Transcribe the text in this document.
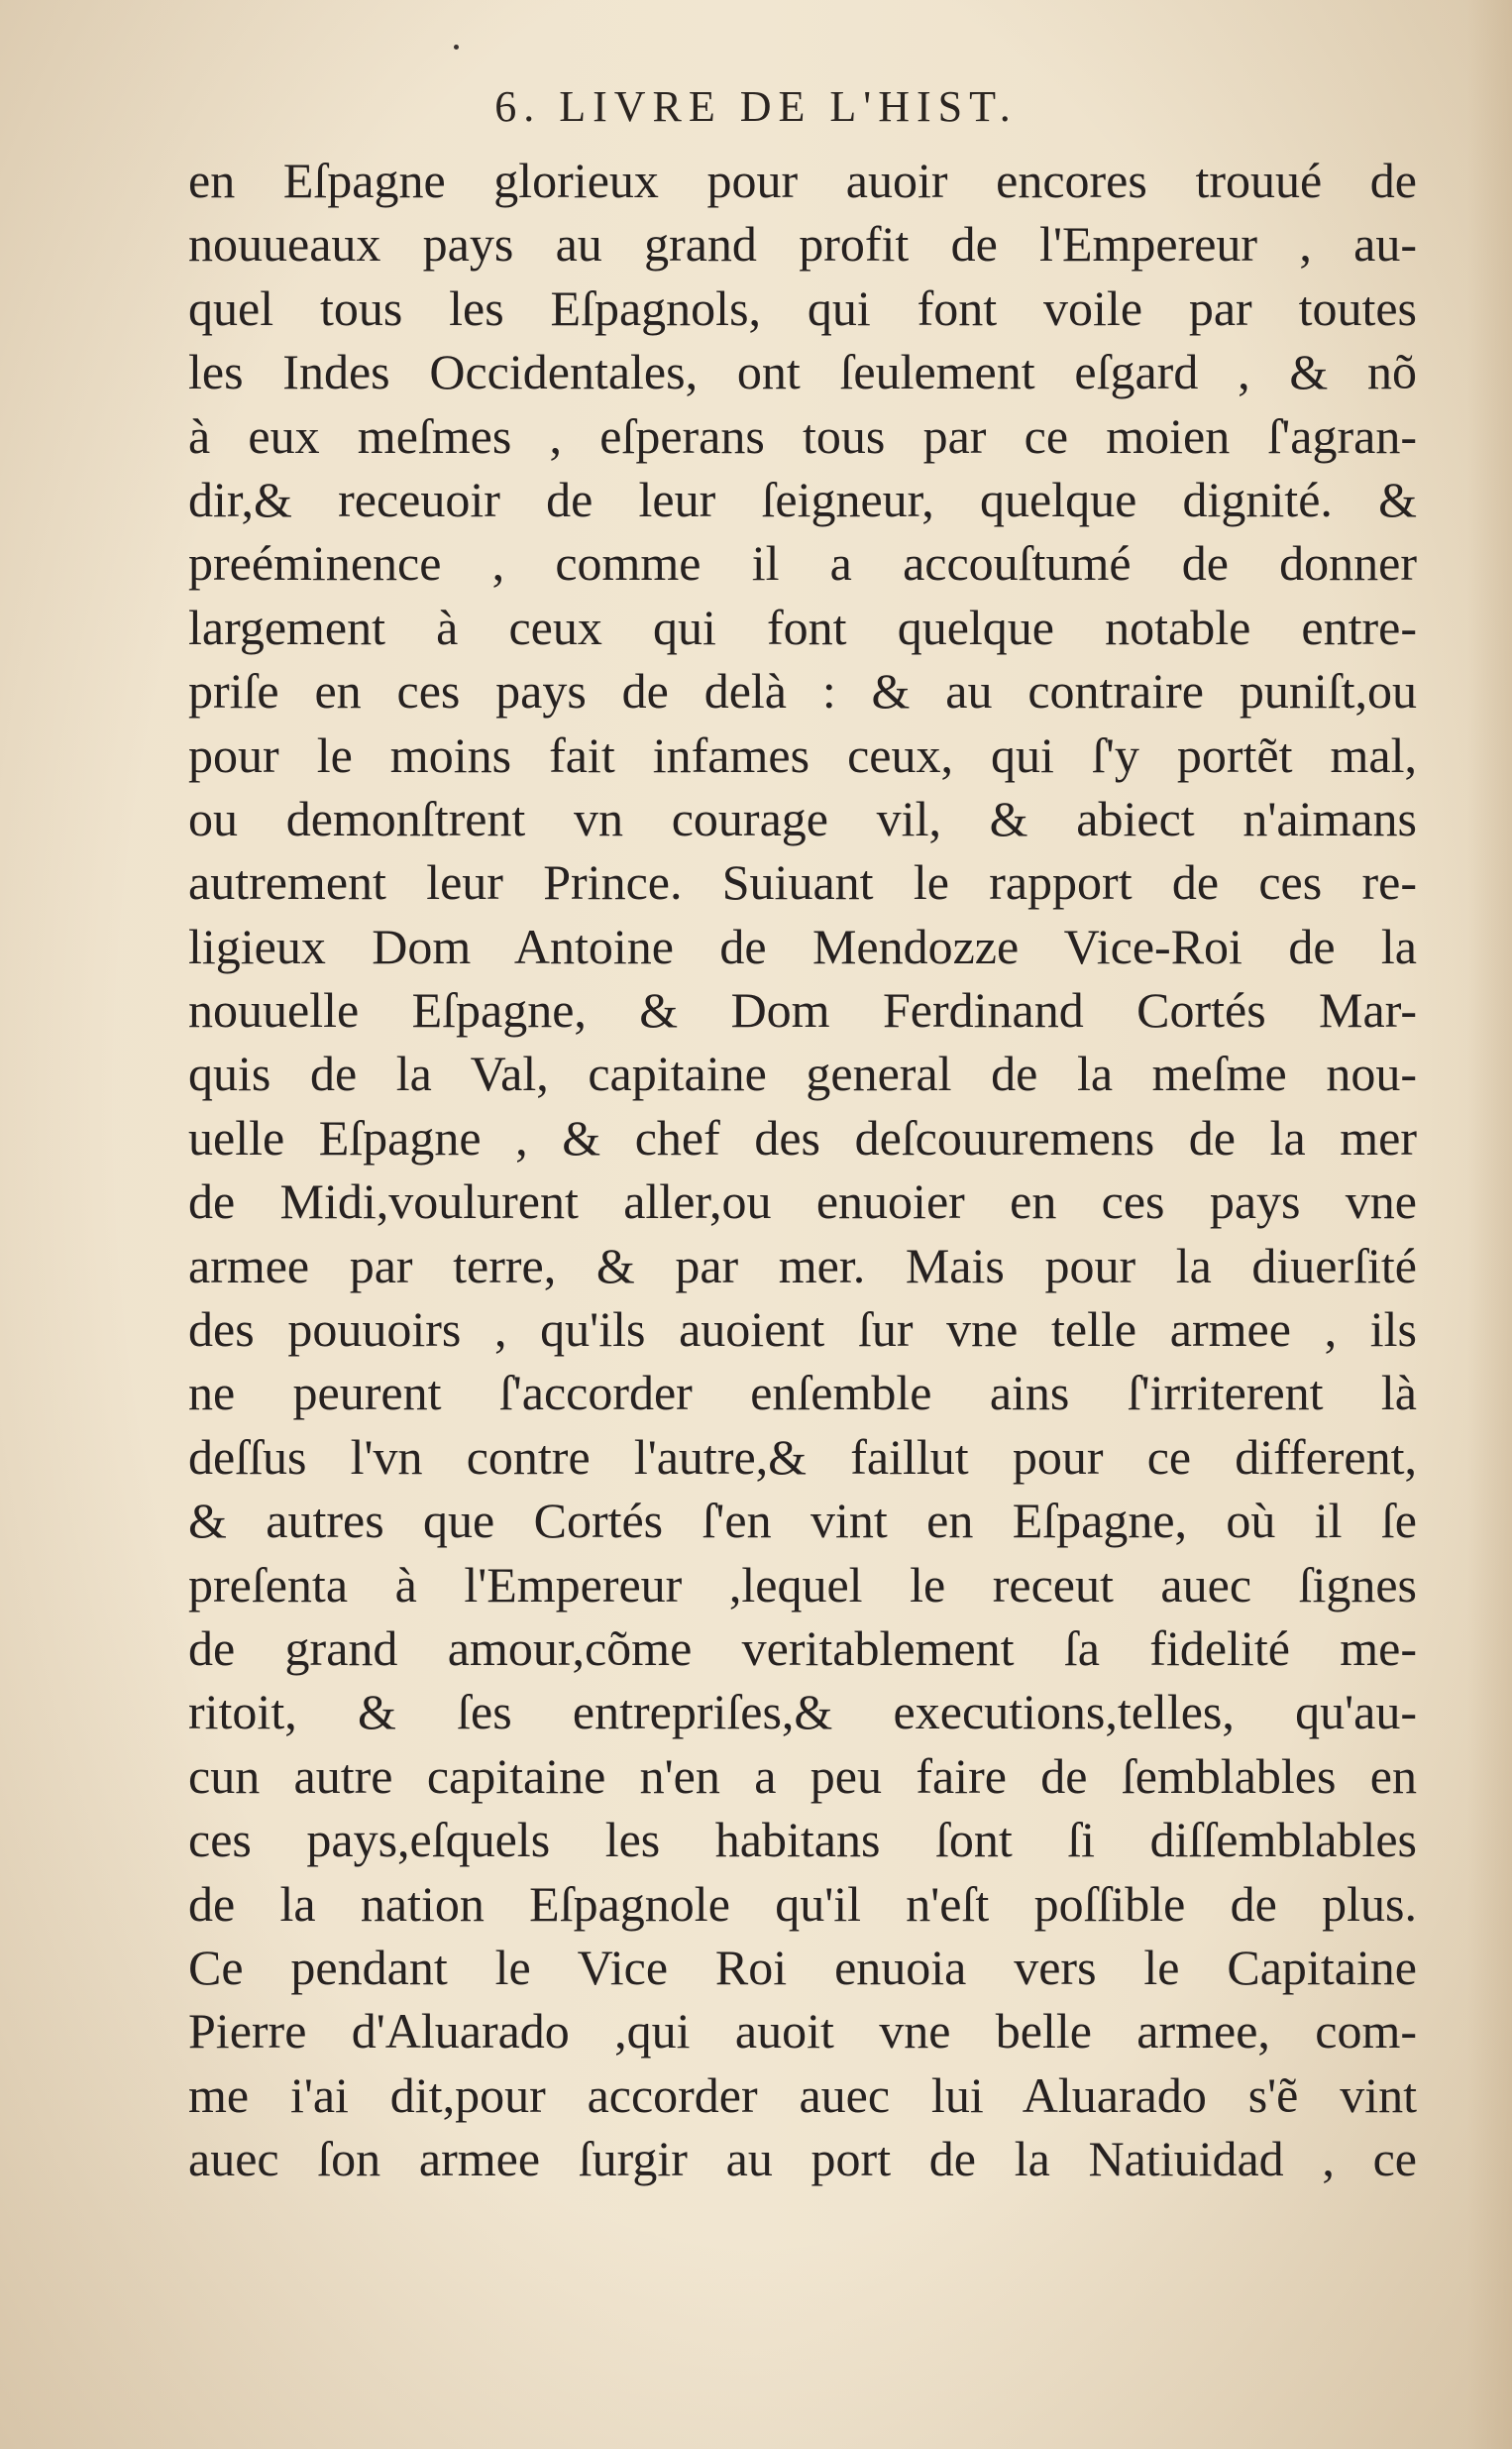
6. LIVRE DE L'HIST.
en Eſpagne glorieux pour auoir encores trouué de
nouueaux pays au grand profit de l'Empereur , au-
quel tous les Eſpagnols, qui font voile par toutes
les Indes Occidentales, ont ſeulement eſgard , & nõ
à eux meſmes , eſperans tous par ce moien ſ'agran-
dir,& receuoir de leur ſeigneur, quelque dignité. &
preéminence , comme il a accouſtumé de donner
largement à ceux qui font quelque notable entre-
priſe en ces pays de delà : & au contraire puniſt,ou
pour le moins fait infames ceux, qui ſ'y portẽt mal,
ou demonſtrent vn courage vil, & abiect n'aimans
autrement leur Prince. Suiuant le rapport de ces re-
ligieux Dom Antoine de Mendozze Vice-Roi de la
nouuelle Eſpagne, & Dom Ferdinand Cortés Mar-
quis de la Val, capitaine general de la meſme nou-
uelle Eſpagne , & chef des deſcouuremens de la mer
de Midi,voulurent aller,ou enuoier en ces pays vne
armee par terre, & par mer. Mais pour la diuerſité
des pouuoirs , qu'ils auoient ſur vne telle armee , ils
ne peurent ſ'accorder enſemble ains ſ'irriterent là
deſſus l'vn contre l'autre,& faillut pour ce different,
& autres que Cortés ſ'en vint en Eſpagne, où il ſe
preſenta à l'Empereur ,lequel le receut auec ſignes
de grand amour,cõme veritablement ſa fidelité me-
ritoit, & ſes entrepriſes,& executions,telles, qu'au-
cun autre capitaine n'en a peu faire de ſemblables en
ces pays,eſquels les habitans ſont ſi diſſemblables
de la nation Eſpagnole qu'il n'eſt poſſible de plus.
Ce pendant le Vice Roi enuoia vers le Capitaine
Pierre d'Aluarado ,qui auoit vne belle armee, com-
me i'ai dit,pour accorder auec lui Aluarado s'ẽ vint
auec ſon armee ſurgir au port de la Natiuidad , ce
